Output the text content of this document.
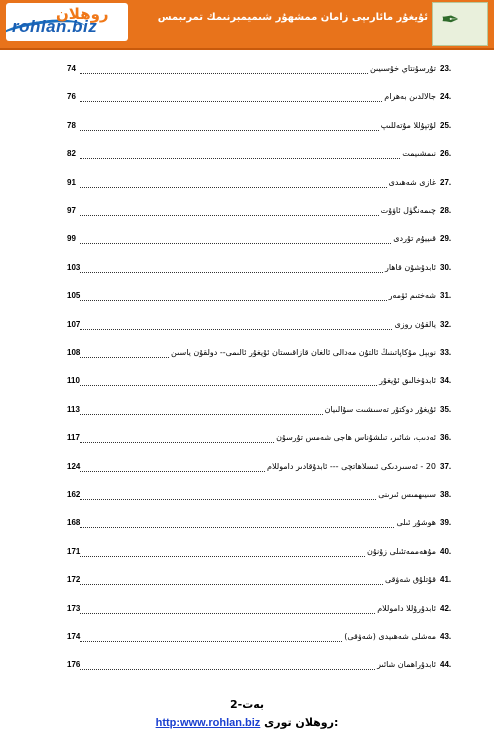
روھلان
rohlan.biz	ئۇيغۇر مائارىپى زامان ممشھۇر شىميمبرنىمك تمرىبمس ✒
74	تۇرسۇنتاي خۇسىيىن 23.
76	جالالدىن بەھرام 24.
78	لۇتپۇللا مۇتەللىپ 25.
82	نىمشىيمت 26.
91	غازى شەھىدى 27.
97	چىمەنگۈل ئاۋۇت 28.
99	قىييۇم تۇردى 29.
103	ئابدۇشۇن قاھار 30.
105	شەختىم ئۆمەر 31.
107	يالقۇن روزى 32.
108	نوبېل مۇكاپاتىنىڭ ئالتۇن مەدالى ئالغان قازاقىستان ئۇيغۇر ئالىمى-- دولقۇن ياسىن 33.
110	ئابدۇخالىق ئۇيغۇر 34.
113	ئۇيغۇر دوكتۇر تەسىشىت سۇالىيان 35.
117	ئەدىب، شائىر، تىلشۇناس ھاجى شەمس تۇرسۇن 36.
124	20 - ئەسىردىكى ئىسلاھاتچى --- ئابدۇقادىر داموللام 37.
162	سىيىھمىس ئىرىنى 38.
168	ھوشۇر ئىلى 39.
171	مۇھەممەتئىلى زۇنۇن 40.
172	قۇتلۇق شەۋقى 41.
173	ئابدۇرۇللا داموللام 42.
174	مەشلى شەھىيدى (شەۋقى) 43.
176	ئابدۇراھمان شائىر 44.
2-بەت
http:www.rohlan.biz روھلان تورى:
